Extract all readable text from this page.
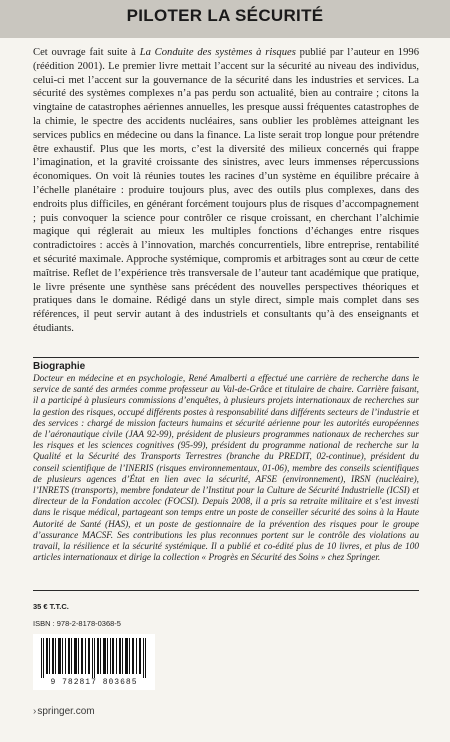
PILOTER LA SÉCURITÉ

Cet ouvrage fait suite à La Conduite des systèmes à risques publié par l’auteur en 1996 (réédition 2001). Le premier livre mettait l’accent sur la sécurité au niveau des individus, celui-ci met l’accent sur la gouvernance de la sécurité dans les industries et services. La sécurité des systèmes complexes n’a pas perdu son actualité, bien au contraire ; citons la vingtaine de catastrophes aériennes annuelles, les presque aussi fréquentes catastrophes de la chimie, le spectre des accidents nucléaires, sans oublier les problèmes atteignant les services publics en médecine ou dans la finance. La liste serait trop longue pour prétendre être exhaustif. Plus que les morts, c’est la diversité des milieux concernés qui frappe l’imagination, et la gravité croissante des sinistres, avec leurs immenses répercussions économiques. On voit là réunies toutes les racines d’un système en équilibre précaire à l’échelle planétaire : produire toujours plus, avec des outils plus complexes, dans des endroits plus difficiles, en générant forcément toujours plus de risques d’accompagnement ; puis convoquer la science pour contrôler ce risque croissant, en cherchant l’alchimie magique qui réglerait au mieux les multiples fonctions d’échanges entre risques contradictoires : accès à l’innovation, marchés concurrentiels, libre entreprise, rentabilité et sécurité maximale. Approche systémique, compromis et arbitrages sont au cœur de cette maîtrise. Reflet de l’expérience très transversale de l’auteur tant académique que pratique, le livre présente une synthèse sans précédent des nouvelles perspectives théoriques et pratiques dans le domaine. Rédigé dans un style direct, simple mais complet dans ses références, il peut servir autant à des industriels et consultants qu’à des enseignants et étudiants.

Biographie
Docteur en médecine et en psychologie, René Amalberti a effectué une carrière de recherche dans le service de santé des armées comme professeur au Val-de-Grâce et titulaire de chaire. Carrière faisant, il a participé à plusieurs commissions d’enquêtes, à plusieurs projets internationaux de recherches sur la gestion des risques, occupé différents postes à responsabilité dans différents secteurs de l’industrie et des services : chargé de mission facteurs humains et sécurité aérienne pour les autorités européennes de l’aéronautique civile (JAA 92-99), président de plusieurs programmes nationaux de recherches sur les risques et les sciences cognitives (95-99), président du programme national de recherche sur la Qualité et la Sécurité des Transports Terrestres (branche du PREDIT, 02-continue), président du conseil scientifique de l’INERIS (risques environnementaux, 01-06), membre des conseils scientifiques de plusieurs agences d’État en lien avec la sécurité, AFSE (environnement), IRSN (nucléaire), l’INRETS (transports), membre fondateur de l’Institut pour la Culture de Sécurité Industrielle (ICSI) et directeur de la Fondation accolec (FOCSI). Depuis 2008, il a pris sa retraite militaire et s’est investi dans le risque médical, partageant son temps entre un poste de conseiller sécurité des soins à la Haute Autorité de Santé (HAS), et un poste de gestionnaire de la prévention des risques pour le groupe d’assurance MACSF. Ses contributions les plus reconnues portent sur le contrôle des violations au travail, la résilience et la sécurité systémique. Il a publié et co-édité plus de 10 livres, et plus de 100 articles internationaux et dirige la collection « Progrès en Sécurité des Soins » chez Springer.
35 € T.T.C.
ISBN : 978-2-8178-0368-5
9 782817 803685
›springer.com
